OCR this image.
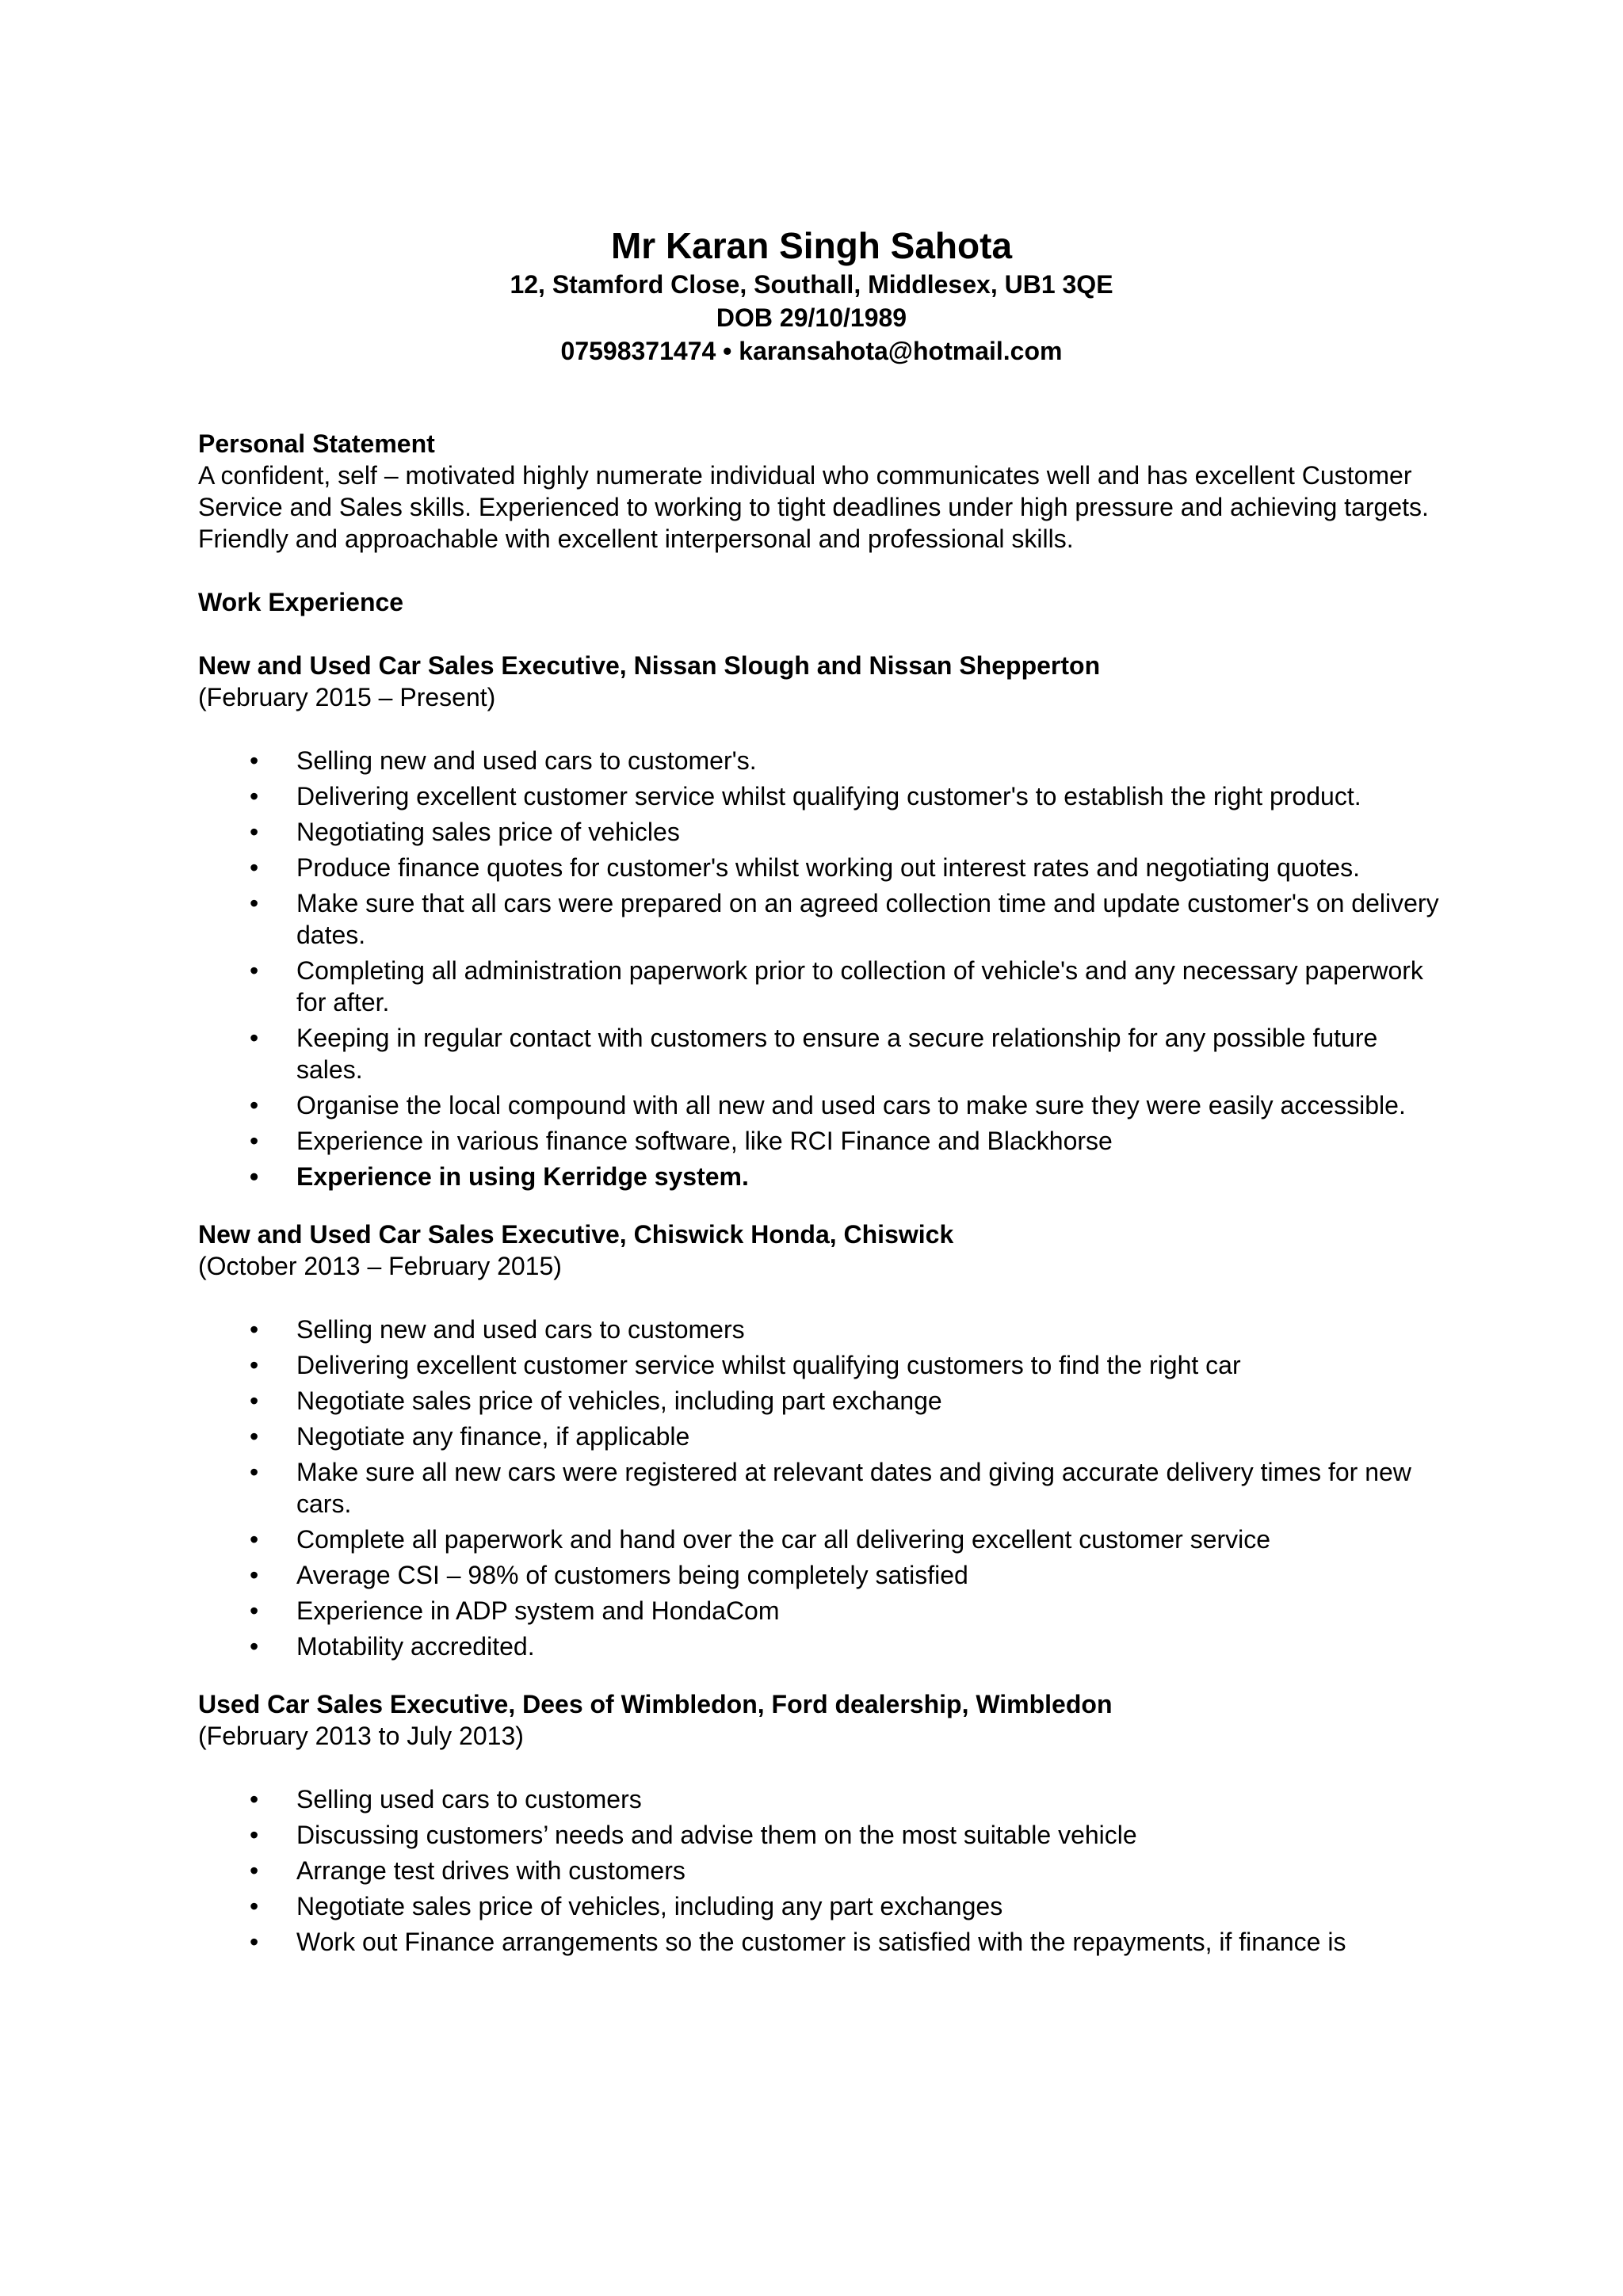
Mr Karan Singh Sahota

12, Stamford Close, Southall, Middlesex, UB1 3QE

DOB 29/10/1989

07598371474 • karansahota@hotmail.com

Personal Statement

A confident, self – motivated highly numerate individual who communicates well and has excellent Customer Service and Sales skills. Experienced to working to tight deadlines under high pressure and achieving targets.

Friendly and approachable with excellent interpersonal and professional skills.

Work Experience

New and Used Car Sales Executive, Nissan Slough and Nissan Shepperton

(February 2015 – Present)

• Selling new and used cars to customer's.
• Delivering excellent customer service whilst qualifying customer's to establish the right product.
• Negotiating sales price of vehicles
• Produce finance quotes for customer's whilst working out interest rates and negotiating quotes.
• Make sure that all cars were prepared on an agreed collection time and update customer's on delivery dates.
• Completing all administration paperwork prior to collection of vehicle's and any necessary paperwork for after.
• Keeping in regular contact with customers to ensure a secure relationship for any possible future sales.
• Organise the local compound with all new and used cars to make sure they were easily accessible.
• Experience in various finance software, like RCI Finance and Blackhorse
• Experience in using Kerridge system.

New and Used Car Sales Executive, Chiswick Honda, Chiswick

(October 2013 – February 2015)

• Selling new and used cars to customers
• Delivering excellent customer service whilst qualifying customers to find the right car
• Negotiate sales price of vehicles, including part exchange
• Negotiate any finance, if applicable
• Make sure all new cars were registered at relevant dates and giving accurate delivery times for new cars.
• Complete all paperwork and hand over the car all delivering excellent customer service
• Average CSI – 98% of customers being completely satisfied
• Experience in ADP system and HondaCom
• Motability accredited.

Used Car Sales Executive, Dees of Wimbledon, Ford dealership, Wimbledon

(February 2013 to July 2013)

• Selling used cars to customers
• Discussing customers’ needs and advise them on the most suitable vehicle
• Arrange test drives with customers
• Negotiate sales price of vehicles, including any part exchanges
• Work out Finance arrangements so the customer is satisfied with the repayments, if finance is
